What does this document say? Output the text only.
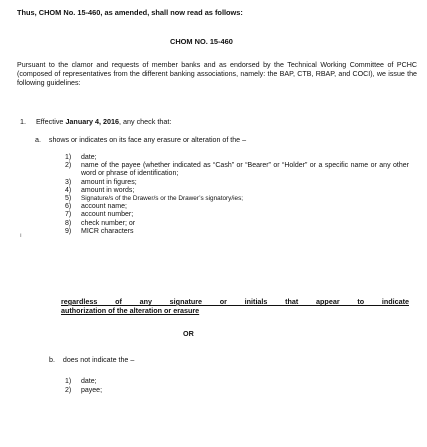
Thus, CHOM No. 15-460, as amended, shall now read as follows:
CHOM NO. 15-460
Pursuant to the clamor and requests of member banks and as endorsed by the Technical Working Committee of PCHC (composed of representatives from the different banking associations, namely: the BAP, CTB, RBAP, and COCI), we issue the following guidelines:
1. Effective January 4, 2016, any check that:
a. shows or indicates on its face any erasure or alteration of the –
ı
1) date;
2) name of the payee (whether indicated as “Cash” or “Bearer” or “Holder” or a specific name or any other word or phrase of identification;
3) amount in figures;
4) amount in words;
5) Signature/s of the Drawer/s or the Drawer’s signatory/ies;
6) account name;
7) account number;
8) check number; or
9) MICR characters
regardless of any signature or initials that appear to indicate
authorization of the alteration or erasure
OR
b. does not indicate the –
1) date;
2) payee;
